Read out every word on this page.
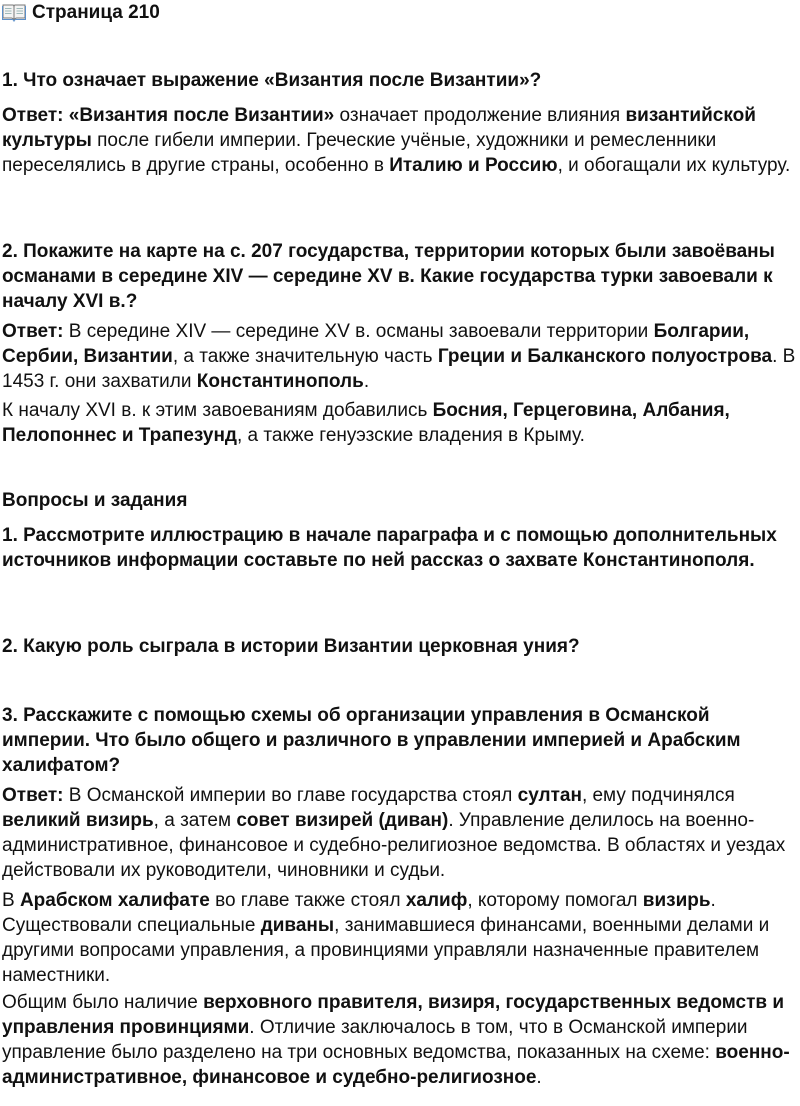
Страница 210

1. Что означает выражение «Византия после Византии»?

Ответ: «Византия после Византии» означает продолжение влияния византийской культуры после гибели империи. Греческие учёные, художники и ремесленники переселялись в другие страны, особенно в Италию и Россию, и обогащали их культуру.

2. Покажите на карте на с. 207 государства, территории которых были завоёваны османами в середине XIV — середине XV в. Какие государства турки завоевали к началу XVI в.?

Ответ: В середине XIV — середине XV в. османы завоевали территории Болгарии, Сербии, Византии, а также значительную часть Греции и Балканского полуострова. В 1453 г. они захватили Константинополь.

К началу XVI в. к этим завоеваниям добавились Босния, Герцеговина, Албания, Пелопоннес и Трапезунд, а также генуэзские владения в Крыму.

Вопросы и задания

1. Рассмотрите иллюстрацию в начале параграфа и с помощью дополнительных источников информации составьте по ней рассказ о захвате Константинополя.

2. Какую роль сыграла в истории Византии церковная уния?

3. Расскажите с помощью схемы об организации управления в Османской империи. Что было общего и различного в управлении империей и Арабским халифатом?

Ответ: В Османской империи во главе государства стоял султан, ему подчинялся великий визирь, а затем совет визирей (диван). Управление делилось на военно-административное, финансовое и судебно-религиозное ведомства. В областях и уездах действовали их руководители, чиновники и судьи.

В Арабском халифате во главе также стоял халиф, которому помогал визирь. Существовали специальные диваны, занимавшиеся финансами, военными делами и другими вопросами управления, а провинциями управляли назначенные правителем наместники.

Общим было наличие верховного правителя, визиря, государственных ведомств и управления провинциями. Отличие заключалось в том, что в Османской империи управление было разделено на три основных ведомства, показанных на схеме: военно-административное, финансовое и судебно-религиозное.
